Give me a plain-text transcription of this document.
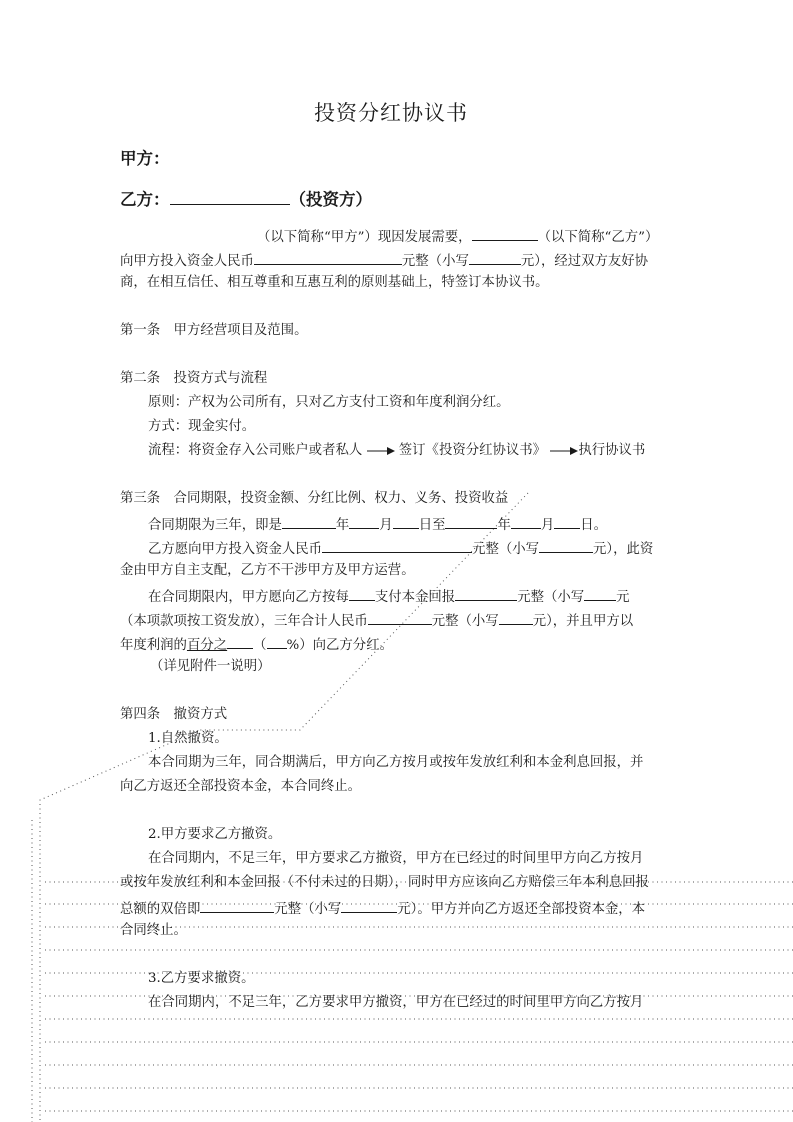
投资分红协议书
甲方：
乙方：	（投资方）
（以下简称“甲方”）现因发展需要，	（以下简称“乙方”）
向甲方投入资金人民币	元整（小写	元），经过双方友好协
商，在相互信任、相互尊重和互惠互利的原则基础上，特签订本协议书。
第一条　甲方经营项目及范围。
第二条　投资方式与流程
原则：产权为公司所有，只对乙方支付工资和年度利润分红。
方式：现金实付。
流程：将资金存入公司账户或者私人	签订《投资分红协议书》 执行协议书
第三条　合同期限，投资金额、分红比例、权力、义务、投资收益
合同期限为三年，即是	年 月 日至	年 月 日。
乙方愿向甲方投入资金人民币	元整（小写	元），此资
金由甲方自主支配，乙方不干涉甲方及甲方运营。
在合同期限内，甲方愿向乙方按每 支付本金回报	元整（小写 元
（本项款项按工资发放），三年合计人民币	元整（小写	元），并且甲方以
年度利润的百分之 （ %）向乙方分红。
（详见附件一说明）
第四条　撤资方式
1.自然撤资。
本合同期为三年，同合期满后，甲方向乙方按月或按年发放红利和本金利息回报，并
向乙方返还全部投资本金，本合同终止。
2.甲方要求乙方撤资。
在合同期内，不足三年，甲方要求乙方撤资，甲方在已经过的时间里甲方向乙方按月
或按年发放红利和本金回报（不付未过的日期），同时甲方应该向乙方赔偿三年本利息回报
总额的双倍即	元整（小写	元）。甲方并向乙方返还全部投资本金，本
合同终止。
3.乙方要求撤资。
在合同期内，不足三年，乙方要求甲方撤资，甲方在已经过的时间里甲方向乙方按月
